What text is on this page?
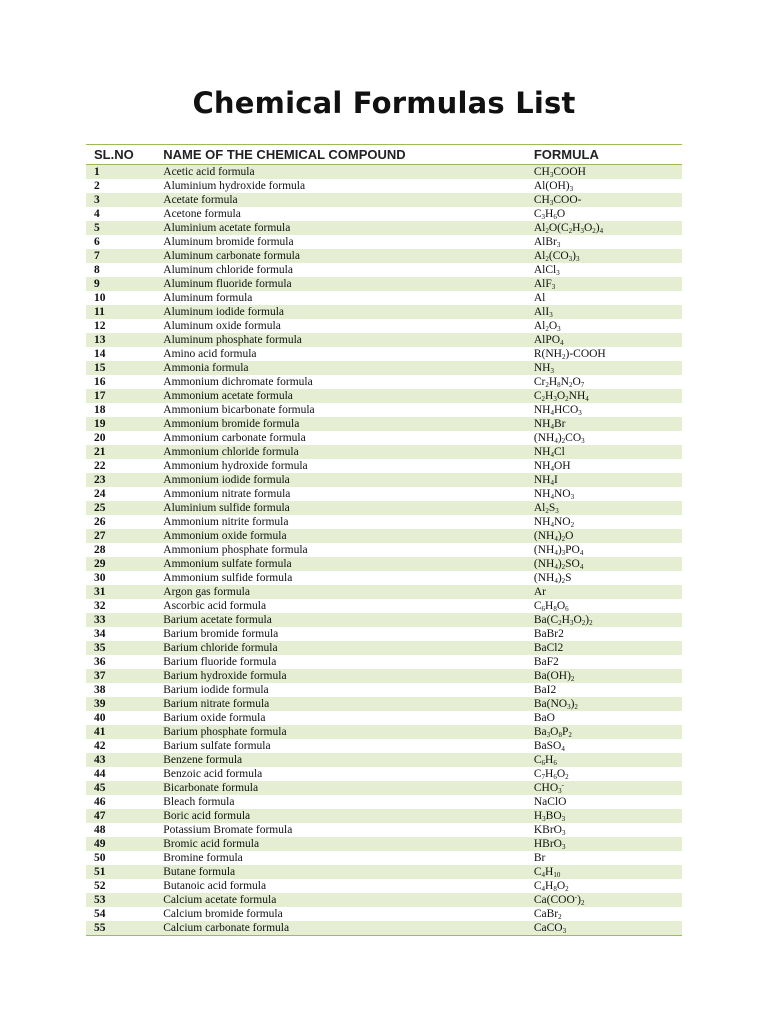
Chemical Formulas List
SL.NO	NAME OF THE CHEMICAL COMPOUND	FORMULA
1	Acetic acid formula	$CH_3COOH$
2	Aluminium hydroxide formula	$Al(OH)_3$
3	Acetate formula	$CH_3COO-$
4	Acetone formula	$C_3H_6O$
5	Aluminium acetate formula	$Al_2O(C_2H_3O_2)_4$
6	Aluminum bromide formula	AlBr$_3$
7	Aluminum carbonate formula	$Al_2(CO_3)_3$
8	Aluminum chloride formula	AlCl$_3$
9	Aluminum fluoride formula	AlF$_3$
10	Aluminum formula	Al
11	Aluminum iodide formula	AlI$_3$
12	Aluminum oxide formula	$Al_2O_3$
13	Aluminum phosphate formula	AlPO$_4$
14	Amino acid formula	$R(NH_2)$-COOH
15	Ammonia formula	$NH_3$
16	Ammonium dichromate formula	$Cr_2H_8N_2O_7$
17	Ammonium acetate formula	$C_2H_3O_2NH_4$
18	Ammonium bicarbonate formula	$NH_4HCO_3$
19	Ammonium bromide formula	$NH_4Br$
20	Ammonium carbonate formula	$(NH_4)_2CO_3$
21	Ammonium chloride formula	$NH_4Cl$
22	Ammonium hydroxide formula	$NH_4OH$
23	Ammonium iodide formula	$NH_4I$
24	Ammonium nitrate formula	$NH_4NO_3$
25	Aluminium sulfide formula	$Al_2S_3$
26	Ammonium nitrite formula	$NH_4NO_2$
27	Ammonium oxide formula	$(NH_4)_2O$
28	Ammonium phosphate formula	$(NH_4)_3PO_4$
29	Ammonium sulfate formula	$(NH_4)_2SO_4$
30	Ammonium sulfide formula	$(NH_4)_2S$
31	Argon gas formula	Ar
32	Ascorbic acid formula	$C_6H_8O_6$
33	Barium acetate formula	$Ba(C_2H_3O_2)_2$
34	Barium bromide formula	BaBr2
35	Barium chloride formula	BaCl2
36	Barium fluoride formula	BaF2
37	Barium hydroxide formula	$Ba(OH)_2$
38	Barium iodide formula	BaI2
39	Barium nitrate formula	$Ba(NO_3)_2$
40	Barium oxide formula	BaO
41	Barium phosphate formula	$Ba_3O_8P_2$
42	Barium sulfate formula	BaSO$_4$
43	Benzene formula	$C_6H_6$
44	Benzoic acid formula	$C_7H_6O_2$
45	Bicarbonate formula	$CHO_3^-$
46	Bleach formula	NaClO
47	Boric acid formula	$H_3BO_3$
48	Potassium Bromate formula	KBrO$_3$
49	Bromic acid formula	HBrO$_3$
50	Bromine formula	Br
51	Butane formula	$C_4H_{10}$
52	Butanoic acid formula	$C_4H_8O_2$
53	Calcium acetate formula	$Ca(COO^-)_2$
54	Calcium bromide formula	CaBr$_2$
55	Calcium carbonate formula	CaCO$_3$
